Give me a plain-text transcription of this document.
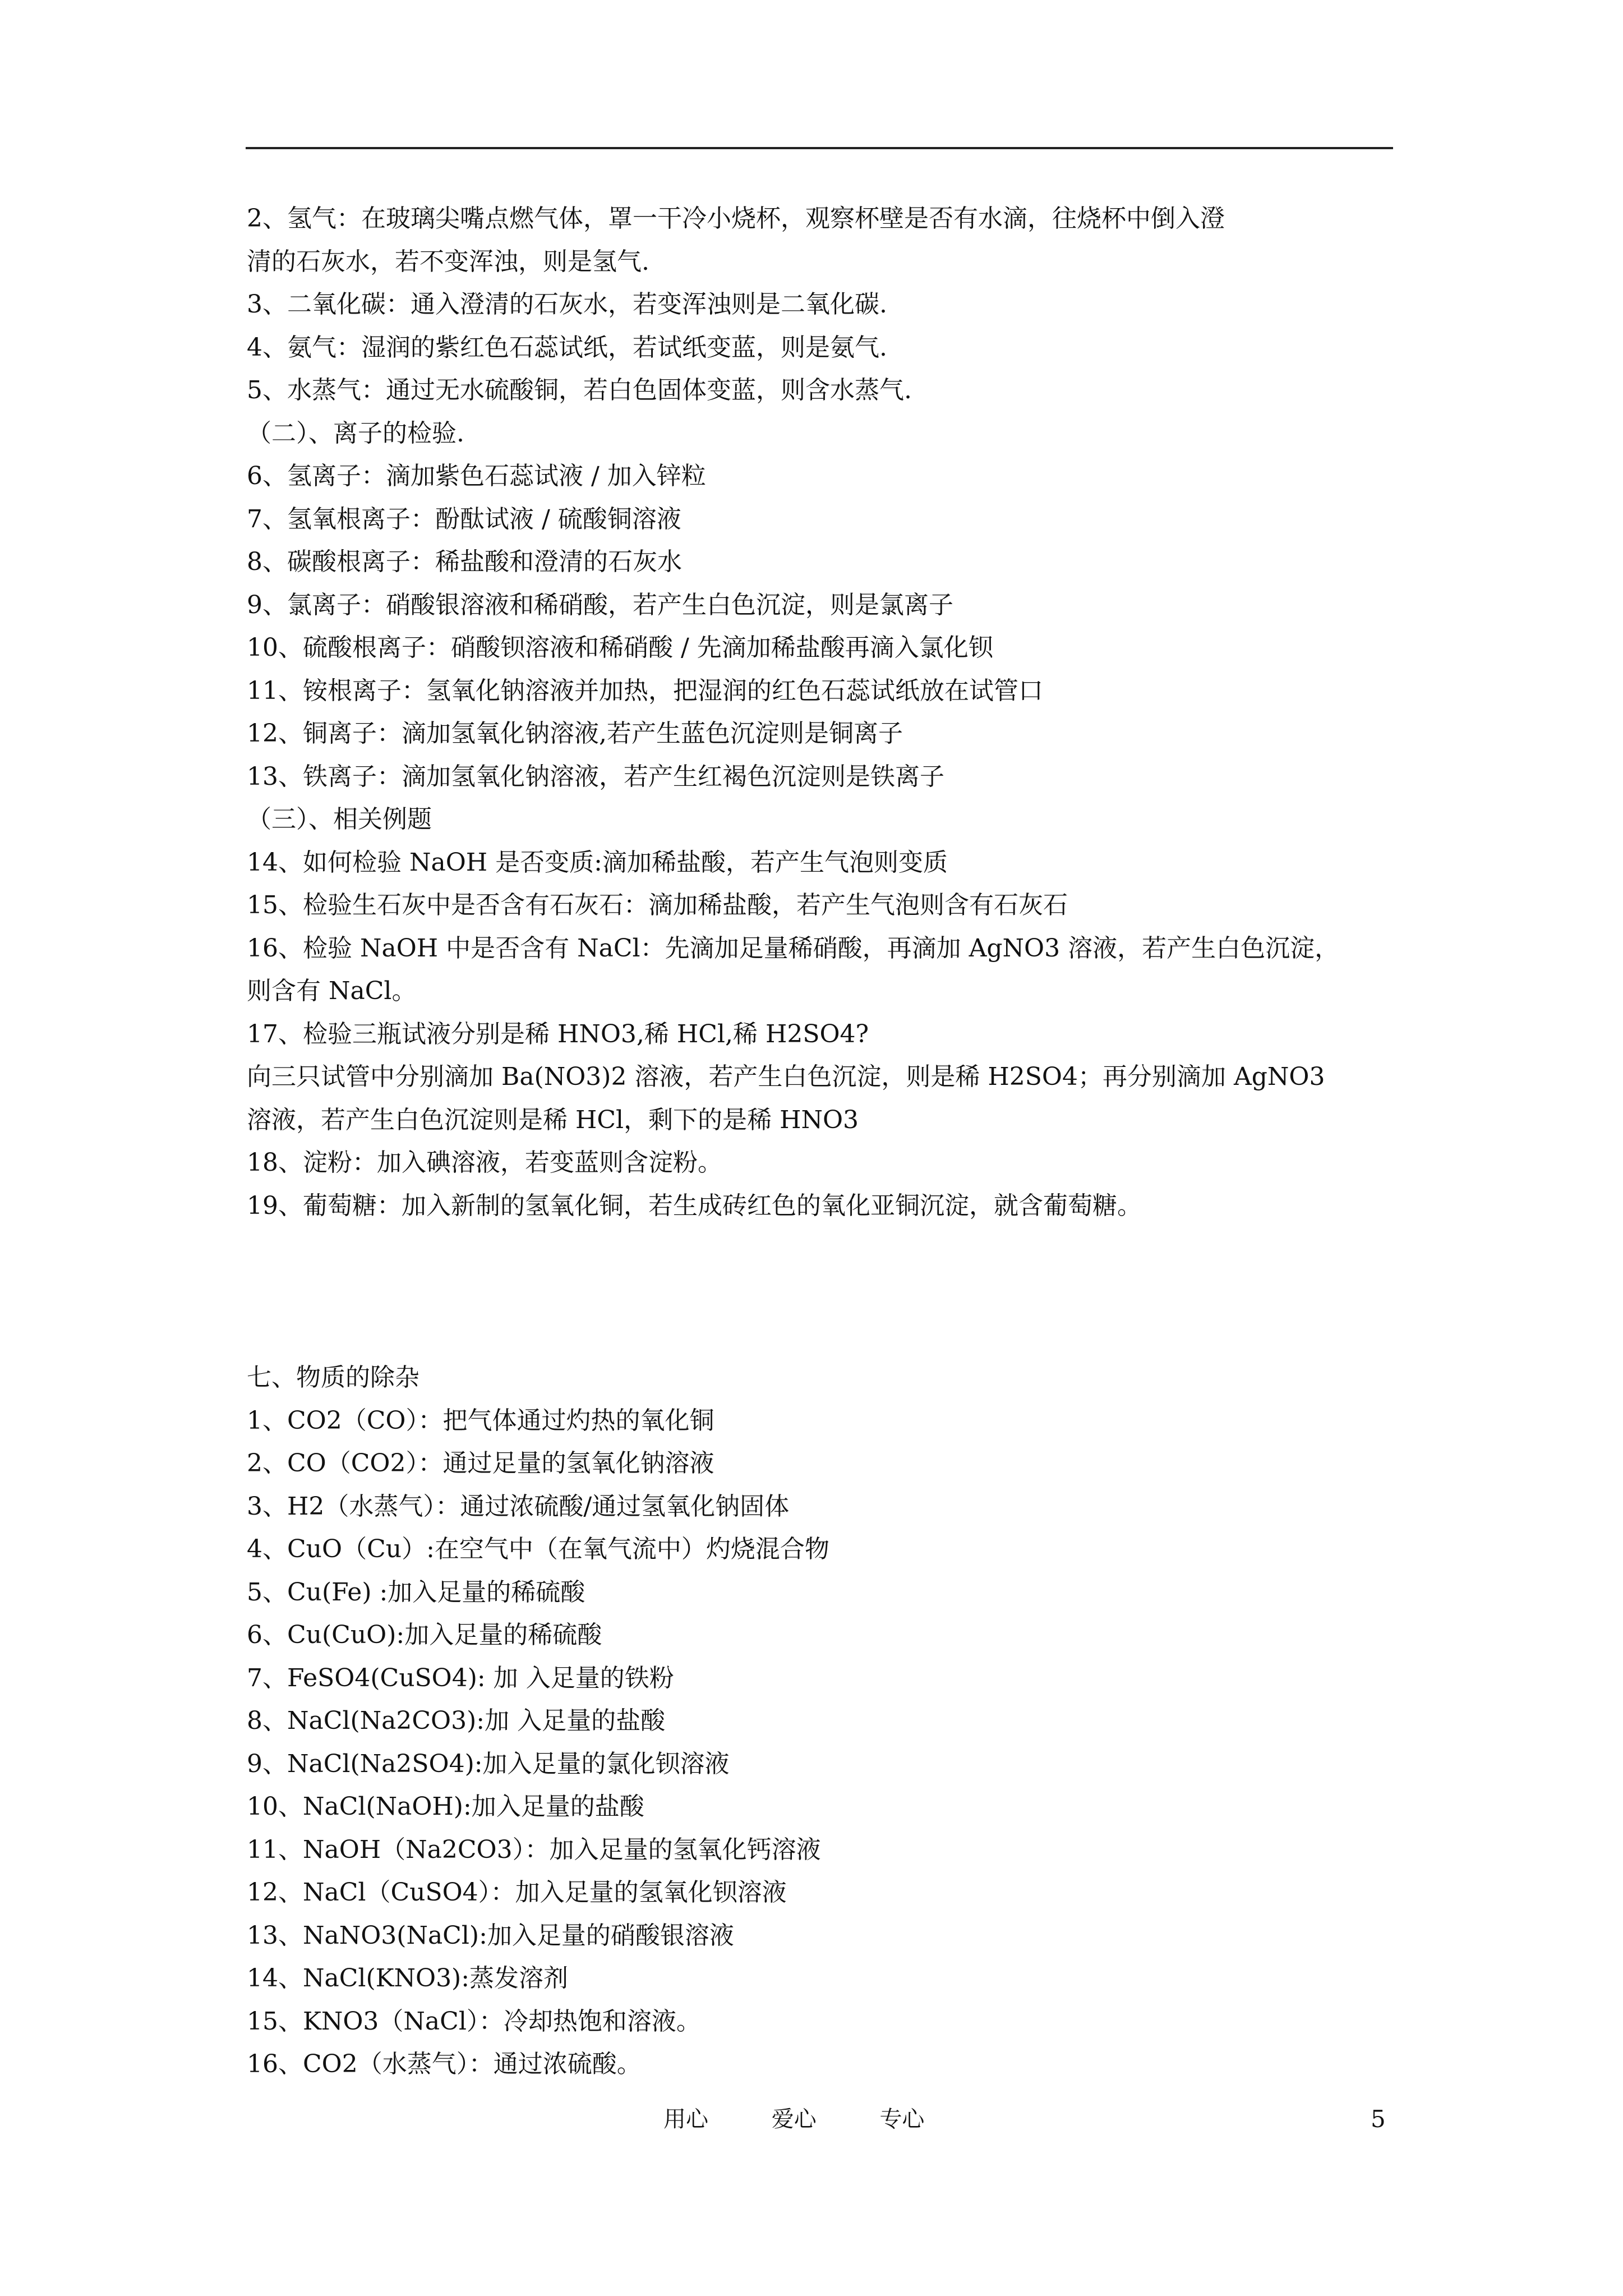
2、氢气：在玻璃尖嘴点燃气体，罩一干冷小烧杯，观察杯壁是否有水滴，往烧杯中倒入澄
清的石灰水，若不变浑浊，则是氢气.
3、二氧化碳：通入澄清的石灰水，若变浑浊则是二氧化碳.
4、氨气：湿润的紫红色石蕊试纸，若试纸变蓝，则是氨气.
5、水蒸气：通过无水硫酸铜，若白色固体变蓝，则含水蒸气.
（二）、离子的检验.
6、氢离子：滴加紫色石蕊试液 / 加入锌粒
7、氢氧根离子：酚酞试液 / 硫酸铜溶液
8、碳酸根离子：稀盐酸和澄清的石灰水
9、氯离子：硝酸银溶液和稀硝酸，若产生白色沉淀，则是氯离子
10、硫酸根离子：硝酸钡溶液和稀硝酸 / 先滴加稀盐酸再滴入氯化钡
11、铵根离子：氢氧化钠溶液并加热，把湿润的红色石蕊试纸放在试管口
12、铜离子：滴加氢氧化钠溶液,若产生蓝色沉淀则是铜离子
13、铁离子：滴加氢氧化钠溶液，若产生红褐色沉淀则是铁离子
（三）、相关例题
14、如何检验 NaOH 是否变质:滴加稀盐酸，若产生气泡则变质
15、检验生石灰中是否含有石灰石：滴加稀盐酸，若产生气泡则含有石灰石
16、检验 NaOH 中是否含有 NaCl：先滴加足量稀硝酸，再滴加 AgNO3 溶液，若产生白色沉淀，
则含有 NaCl。
17、检验三瓶试液分别是稀 HNO3,稀 HCl,稀 H2SO4?
向三只试管中分别滴加 Ba(NO3)2 溶液，若产生白色沉淀，则是稀 H2SO4；再分别滴加 AgNO3
溶液，若产生白色沉淀则是稀 HCl，剩下的是稀 HNO3
18、淀粉：加入碘溶液，若变蓝则含淀粉。
19、葡萄糖：加入新制的氢氧化铜，若生成砖红色的氧化亚铜沉淀，就含葡萄糖。
七、物质的除杂
1、CO2（CO）：把气体通过灼热的氧化铜
2、CO（CO2）：通过足量的氢氧化钠溶液
3、H2（水蒸气）：通过浓硫酸/通过氢氧化钠固体
4、CuO（Cu）:在空气中（在氧气流中）灼烧混合物
5、Cu(Fe) :加入足量的稀硫酸
6、Cu(CuO):加入足量的稀硫酸
7、FeSO4(CuSO4): 加 入足量的铁粉
8、NaCl(Na2CO3):加 入足量的盐酸
9、NaCl(Na2SO4):加入足量的氯化钡溶液
10、NaCl(NaOH):加入足量的盐酸
11、NaOH（Na2CO3）：加入足量的氢氧化钙溶液
12、NaCl（CuSO4）：加入足量的氢氧化钡溶液
13、NaNO3(NaCl):加入足量的硝酸银溶液
14、NaCl(KNO3):蒸发溶剂
15、KNO3（NaCl）：冷却热饱和溶液。
16、CO2（水蒸气）：通过浓硫酸。
用心	爱心	专心	5
